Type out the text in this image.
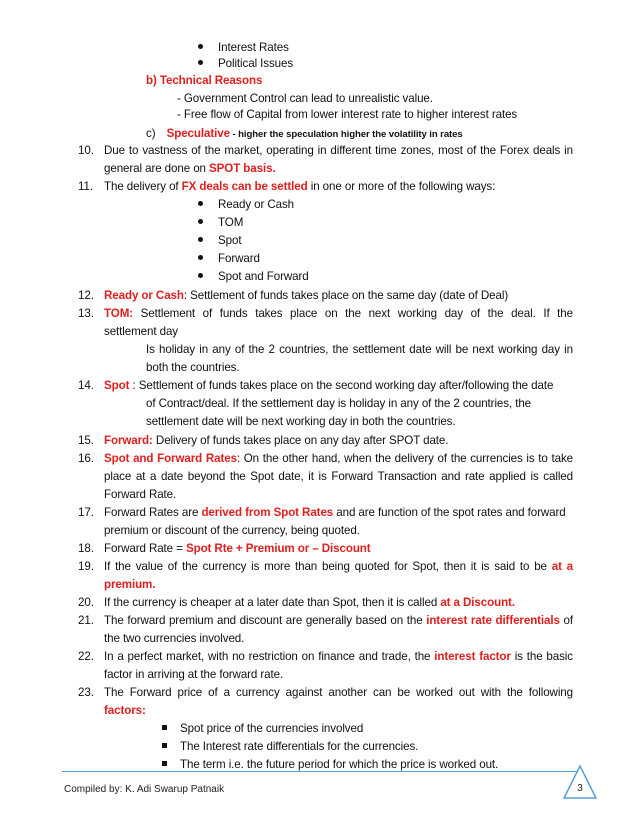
Interest Rates
Political Issues
b) Technical Reasons
- Government Control can lead to unrealistic value.
- Free flow of Capital from lower interest rate to higher interest rates
c) Speculative - higher the speculation higher the volatility in rates
10. Due to vastness of the market, operating in different time zones, most of the Forex deals in
general are done on SPOT basis.
11. The delivery of FX deals can be settled in one or more of the following ways:
Ready or Cash
TOM
Spot
Forward
Spot and Forward
12. Ready or Cash: Settlement of funds takes place on the same day (date of Deal)
13. TOM: Settlement of funds takes place on the next working day of the deal. If the
settlement day
Is holiday in any of the 2 countries, the settlement date will be next working day in
both the countries.
14. Spot : Settlement of funds takes place on the second working day after/following the date
of Contract/deal. If the settlement day is holiday in any of the 2 countries, the
settlement date will be next working day in both the countries.
15. Forward: Delivery of funds takes place on any day after SPOT date.
16. Spot and Forward Rates: On the other hand, when the delivery of the currencies is to take
place at a date beyond the Spot date, it is Forward Transaction and rate applied is called
Forward Rate.
17. Forward Rates are derived from Spot Rates and are function of the spot rates and forward
premium or discount of the currency, being quoted.
18. Forward Rate = Spot Rte + Premium or – Discount
19. If the value of the currency is more than being quoted for Spot, then it is said to be at a
premium.
20. If the currency is cheaper at a later date than Spot, then it is called at a Discount.
21. The forward premium and discount are generally based on the interest rate differentials of
the two currencies involved.
22. In a perfect market, with no restriction on finance and trade, the interest factor is the basic
factor in arriving at the forward rate.
23. The Forward price of a currency against another can be worked out with the following
factors:
Spot price of the currencies involved
The Interest rate differentials for the currencies.
The term i.e. the future period for which the price is worked out.
Compiled by: K. Adi Swarup Patnaik	3
